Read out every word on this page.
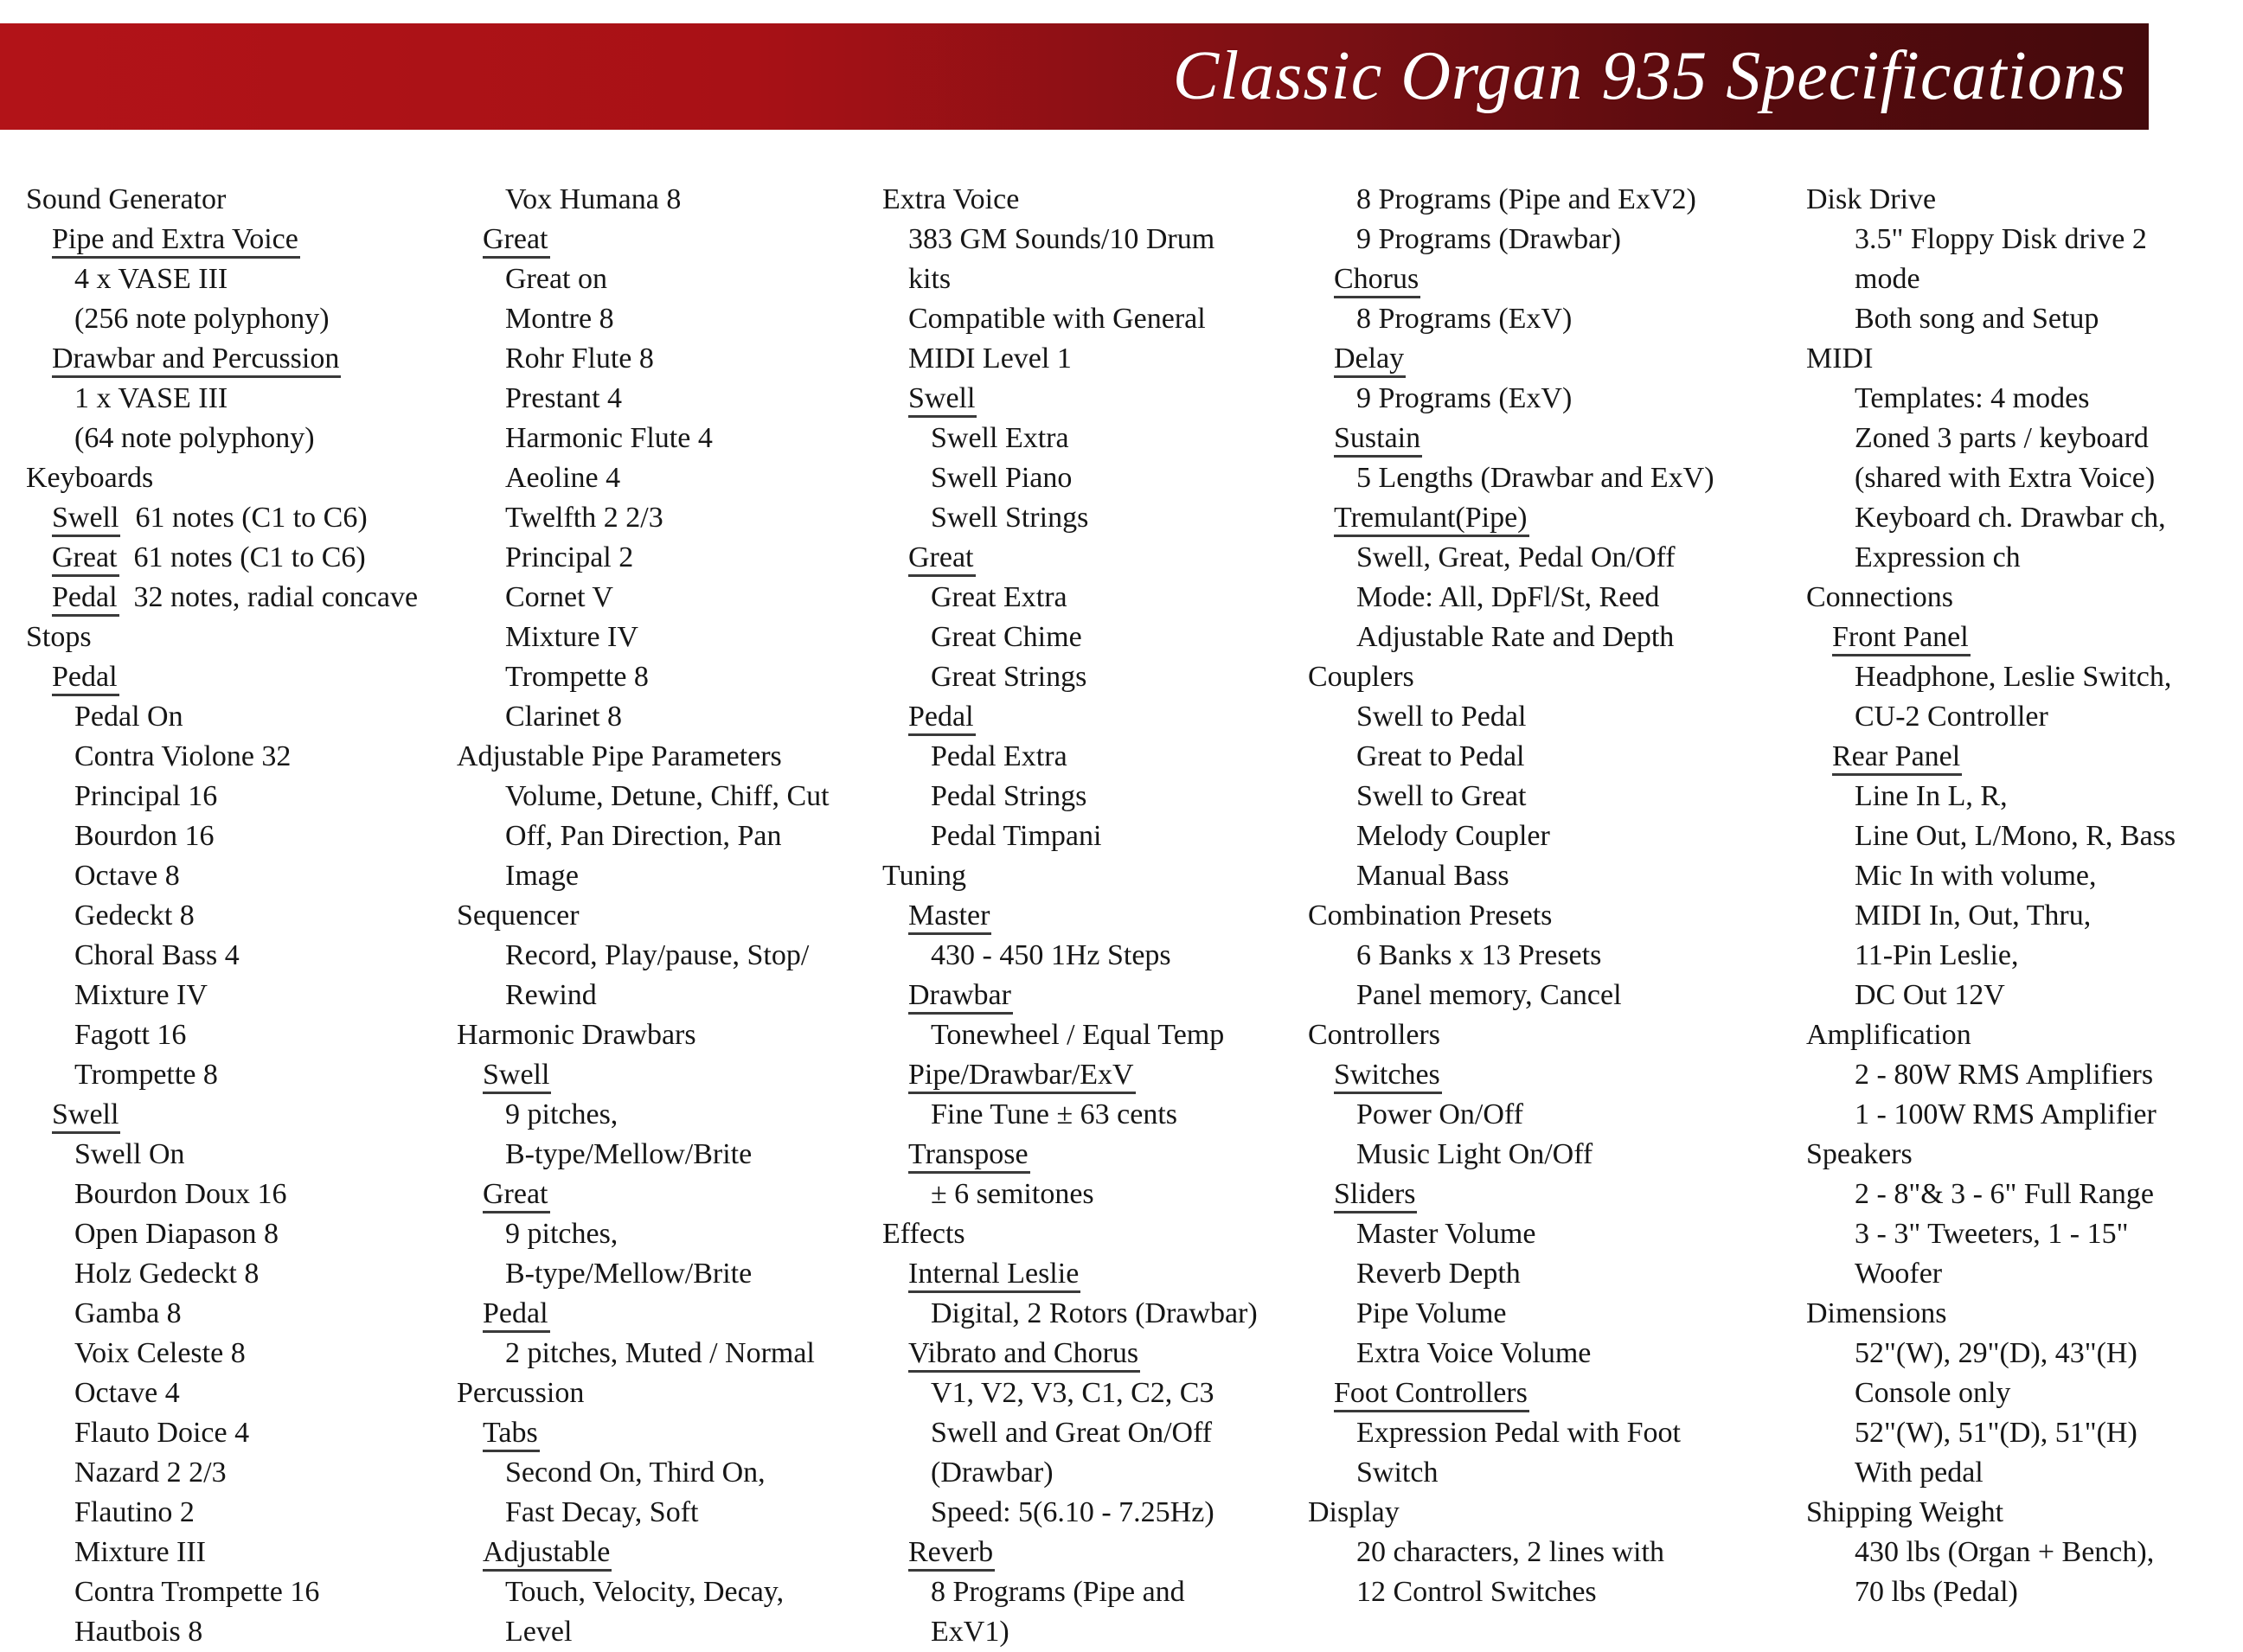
Classic Organ 935 Specifications
Sound Generator
Pipe and Extra Voice
4 x VASE III
(256 note polyphony)
Drawbar and Percussion
1 x VASE III
(64 note polyphony)
Keyboards
Swell 61 notes (C1 to C6)
Great 61 notes (C1 to C6)
Pedal 32 notes, radial concave
Stops
Pedal
Pedal On
Contra Violone 32
Principal 16
Bourdon 16
Octave 8
Gedeckt 8
Choral Bass 4
Mixture IV
Fagott 16
Trompette 8
Swell
Swell On
Bourdon Doux 16
Open Diapason 8
Holz Gedeckt 8
Gamba 8
Voix Celeste 8
Octave 4
Flauto Doice 4
Nazard 2 2/3
Flautino 2
Mixture III
Contra Trompette 16
Hautbois 8
Vox Humana 8
Great
Great on
Montre 8
Rohr Flute 8
Prestant 4
Harmonic Flute 4
Aeoline 4
Twelfth 2 2/3
Principal 2
Cornet V
Mixture IV
Trompette 8
Clarinet 8
Adjustable Pipe Parameters
Volume, Detune, Chiff, Cut
Off, Pan Direction, Pan
Image
Sequencer
Record, Play/pause, Stop/
Rewind
Harmonic Drawbars
Swell
9 pitches,
B-type/Mellow/Brite
Great
9 pitches,
B-type/Mellow/Brite
Pedal
2 pitches, Muted / Normal
Percussion
Tabs
Second On, Third On,
Fast Decay, Soft
Adjustable
Touch, Velocity, Decay,
Level
Extra Voice
383 GM Sounds/10 Drum
kits
Compatible with General
MIDI Level 1
Swell
Swell Extra
Swell Piano
Swell Strings
Great
Great Extra
Great Chime
Great Strings
Pedal
Pedal Extra
Pedal Strings
Pedal Timpani
Tuning
Master
430 - 450 1Hz Steps
Drawbar
Tonewheel / Equal Temp
Pipe/Drawbar/ExV
Fine Tune ± 63 cents
Transpose
± 6 semitones
Effects
Internal Leslie
Digital, 2 Rotors (Drawbar)
Vibrato and Chorus
V1, V2, V3, C1, C2, C3
Swell and Great On/Off
(Drawbar)
Speed: 5(6.10 - 7.25Hz)
Reverb
8 Programs (Pipe and
ExV1)
8 Programs (Pipe and ExV2)
9 Programs (Drawbar)
Chorus
8 Programs (ExV)
Delay
9 Programs (ExV)
Sustain
5 Lengths (Drawbar and ExV)
Tremulant(Pipe)
Swell, Great, Pedal On/Off
Mode: All, DpFl/St, Reed
Adjustable Rate and Depth
Couplers
Swell to Pedal
Great to Pedal
Swell to Great
Melody Coupler
Manual Bass
Combination Presets
6 Banks x 13 Presets
Panel memory, Cancel
Controllers
Switches
Power On/Off
Music Light On/Off
Sliders
Master Volume
Reverb Depth
Pipe Volume
Extra Voice Volume
Foot Controllers
Expression Pedal with Foot
Switch
Display
20 characters, 2 lines with
12 Control Switches
Disk Drive
3.5" Floppy Disk drive 2
mode
Both song and Setup
MIDI
Templates: 4 modes
Zoned 3 parts / keyboard
(shared with Extra Voice)
Keyboard ch. Drawbar ch,
Expression ch
Connections
Front Panel
Headphone, Leslie Switch,
CU-2 Controller
Rear Panel
Line In L, R,
Line Out, L/Mono, R, Bass
Mic In with volume,
MIDI In, Out, Thru,
11-Pin Leslie,
DC Out 12V
Amplification
2 - 80W RMS Amplifiers
1 - 100W RMS Amplifier
Speakers
2 - 8"& 3 - 6" Full Range
3 - 3" Tweeters, 1 - 15"
Woofer
Dimensions
52"(W), 29"(D), 43"(H)
Console only
52"(W), 51"(D), 51"(H)
With pedal
Shipping Weight
430 lbs (Organ + Bench),
70 lbs (Pedal)
